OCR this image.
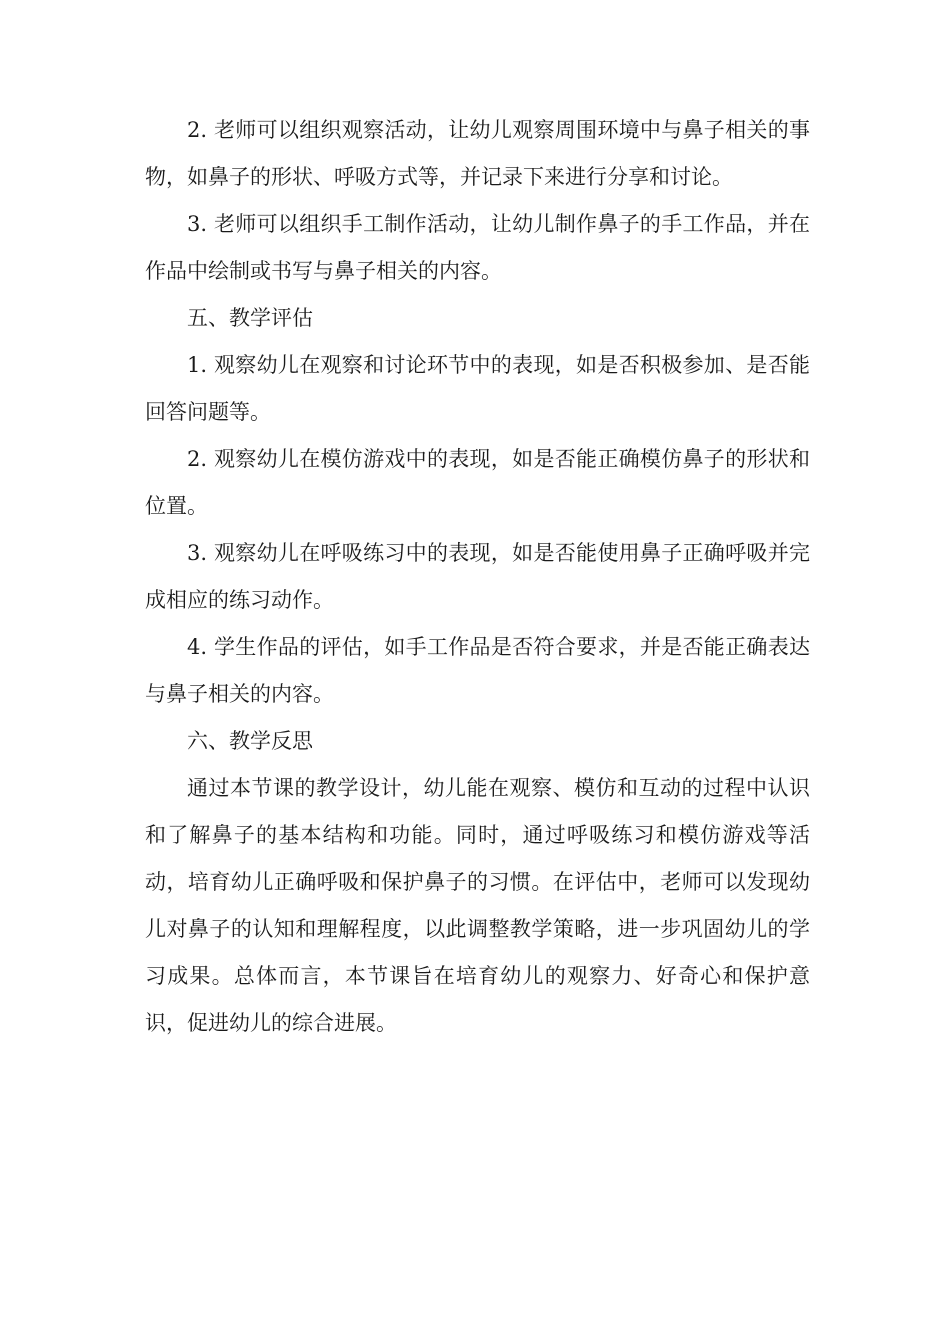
2. 老师可以组织观察活动，让幼儿观察周围环境中与鼻子相关的事物，如鼻子的形状、呼吸方式等，并记录下来进行分享和讨论。

3. 老师可以组织手工制作活动，让幼儿制作鼻子的手工作品，并在作品中绘制或书写与鼻子相关的内容。

五、教学评估

1. 观察幼儿在观察和讨论环节中的表现，如是否积极参加、是否能回答问题等。

2. 观察幼儿在模仿游戏中的表现，如是否能正确模仿鼻子的形状和位置。

3. 观察幼儿在呼吸练习中的表现，如是否能使用鼻子正确呼吸并完成相应的练习动作。

4. 学生作品的评估，如手工作品是否符合要求，并是否能正确表达与鼻子相关的内容。

六、教学反思

通过本节课的教学设计，幼儿能在观察、模仿和互动的过程中认识和了解鼻子的基本结构和功能。同时，通过呼吸练习和模仿游戏等活动，培育幼儿正确呼吸和保护鼻子的习惯。在评估中，老师可以发现幼儿对鼻子的认知和理解程度，以此调整教学策略，进一步巩固幼儿的学习成果。总体而言，本节课旨在培育幼儿的观察力、好奇心和保护意识，促进幼儿的综合进展。
